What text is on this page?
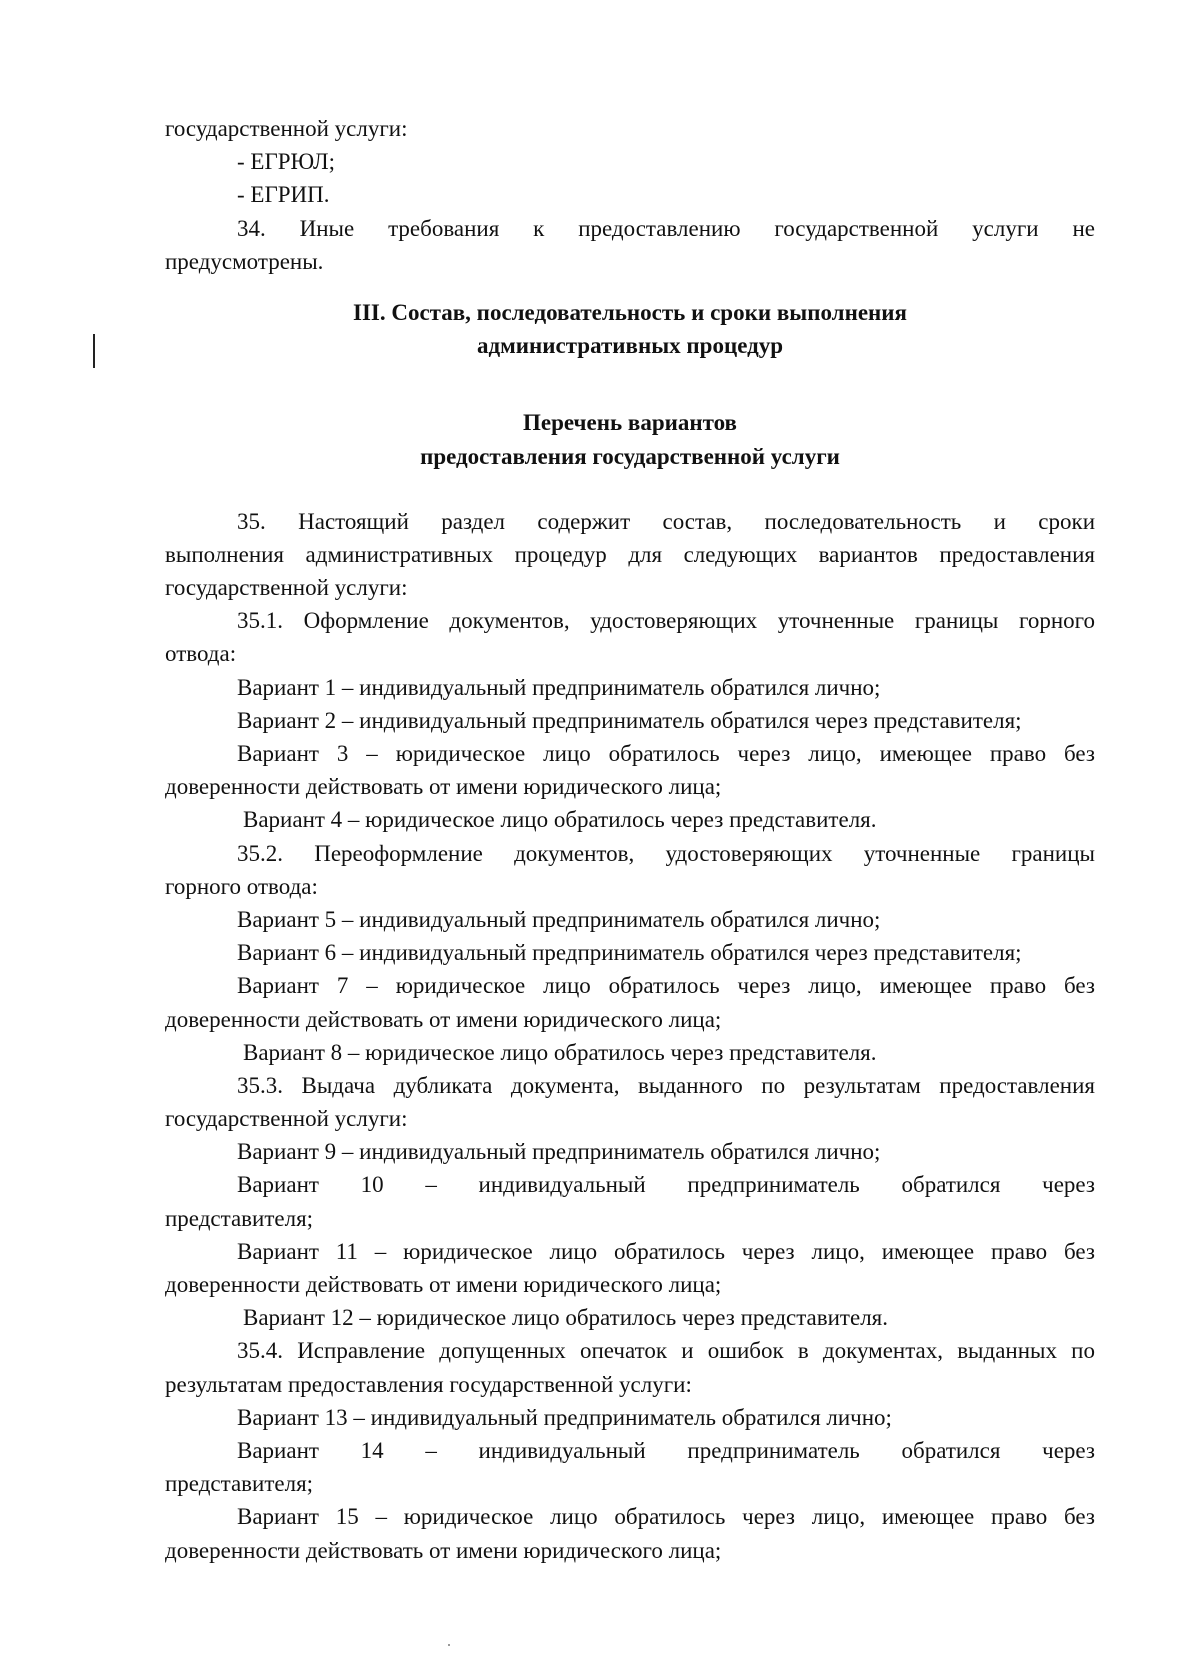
государственной услуги:
- ЕГРЮЛ;
- ЕГРИП.
34. Иные требования к предоставлению государственной услуги не
предусмотрены.
III. Состав, последовательность и сроки выполнения
административных процедур
Перечень вариантов
предоставления государственной услуги
35. Настоящий раздел содержит состав, последовательность и сроки
выполнения административных процедур для следующих вариантов предоставления
государственной услуги:
35.1. Оформление документов, удостоверяющих уточненные границы горного
отвода:
Вариант 1 – индивидуальный предприниматель обратился лично;
Вариант 2 – индивидуальный предприниматель обратился через представителя;
Вариант 3 – юридическое лицо обратилось через лицо, имеющее право без
доверенности действовать от имени юридического лица;
Вариант 4 – юридическое лицо обратилось через представителя.
35.2. Переоформление документов, удостоверяющих уточненные границы
горного отвода:
Вариант 5 – индивидуальный предприниматель обратился лично;
Вариант 6 – индивидуальный предприниматель обратился через представителя;
Вариант 7 – юридическое лицо обратилось через лицо, имеющее право без
доверенности действовать от имени юридического лица;
Вариант 8 – юридическое лицо обратилось через представителя.
35.3. Выдача дубликата документа, выданного по результатам предоставления
государственной услуги:
Вариант 9 – индивидуальный предприниматель обратился лично;
Вариант 10 – индивидуальный предприниматель обратился через
представителя;
Вариант 11 – юридическое лицо обратилось через лицо, имеющее право без
доверенности действовать от имени юридического лица;
Вариант 12 – юридическое лицо обратилось через представителя.
35.4. Исправление допущенных опечаток и ошибок в документах, выданных по
результатам предоставления государственной услуги:
Вариант 13 – индивидуальный предприниматель обратился лично;
Вариант 14 – индивидуальный предприниматель обратился через
представителя;
Вариант 15 – юридическое лицо обратилось через лицо, имеющее право без
доверенности действовать от имени юридического лица;
